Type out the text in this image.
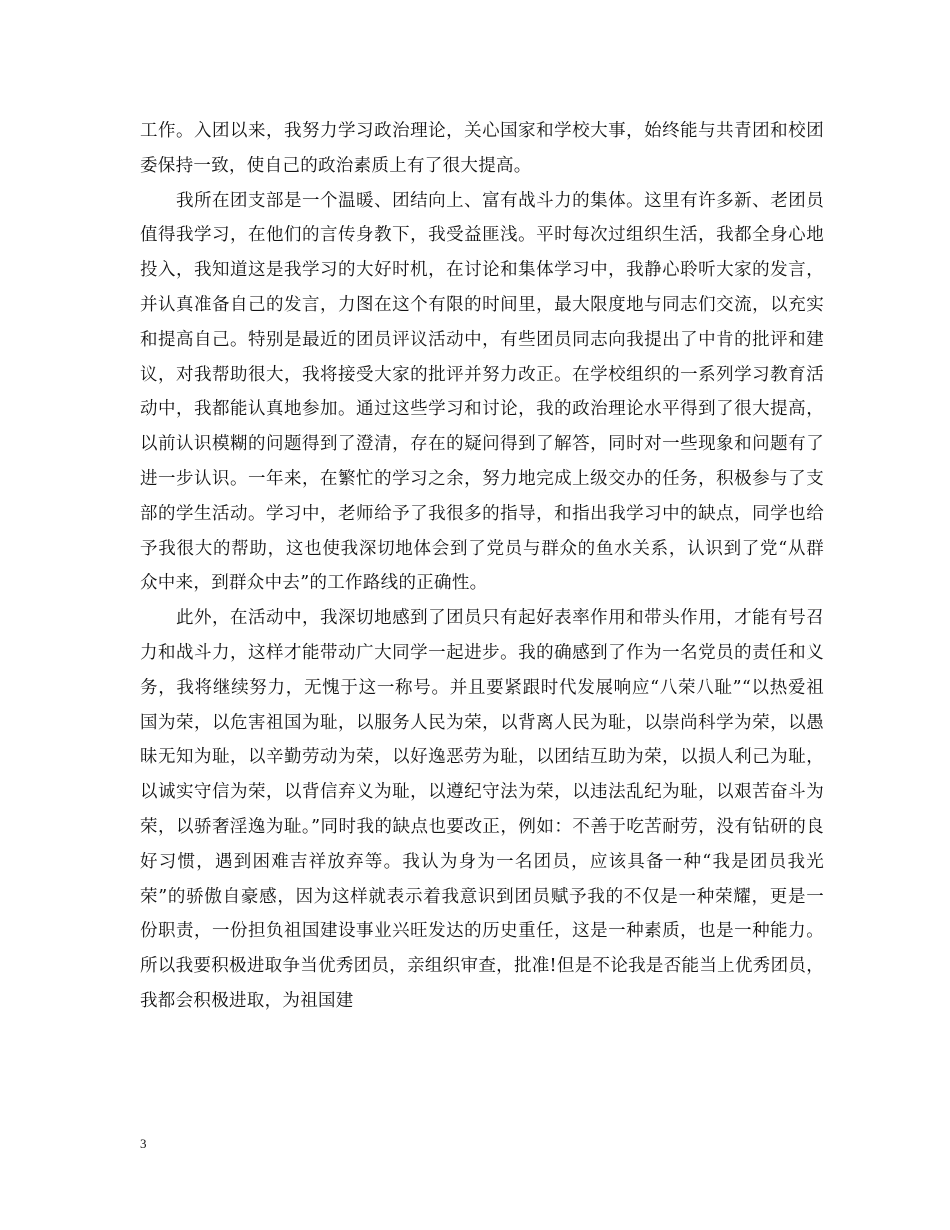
工作。入团以来，我努力学习政治理论，关心国家和学校大事，始终能与共青团和校团委保持一致，使自己的政治素质上有了很大提高。

我所在团支部是一个温暖、团结向上、富有战斗力的集体。这里有许多新、老团员值得我学习，在他们的言传身教下，我受益匪浅。平时每次过组织生活，我都全身心地投入，我知道这是我学习的大好时机，在讨论和集体学习中，我静心聆听大家的发言，并认真准备自己的发言，力图在这个有限的时间里，最大限度地与同志们交流，以充实和提高自己。特别是最近的团员评议活动中，有些团员同志向我提出了中肯的批评和建议，对我帮助很大，我将接受大家的批评并努力改正。在学校组织的一系列学习教育活动中，我都能认真地参加。通过这些学习和讨论，我的政治理论水平得到了很大提高，以前认识模糊的问题得到了澄清，存在的疑问得到了解答，同时对一些现象和问题有了进一步认识。一年来，在繁忙的学习之余，努力地完成上级交办的任务，积极参与了支部的学生活动。学习中，老师给予了我很多的指导，和指出我学习中的缺点，同学也给予我很大的帮助，这也使我深切地体会到了党员与群众的鱼水关系，认识到了党“从群众中来，到群众中去”的工作路线的正确性。

此外，在活动中，我深切地感到了团员只有起好表率作用和带头作用，才能有号召力和战斗力，这样才能带动广大同学一起进步。我的确感到了作为一名党员的责任和义务，我将继续努力，无愧于这一称号。并且要紧跟时代发展响应“八荣八耻”“以热爱祖国为荣，以危害祖国为耻，以服务人民为荣，以背离人民为耻，以崇尚科学为荣，以愚昧无知为耻，以辛勤劳动为荣，以好逸恶劳为耻，以团结互助为荣，以损人利己为耻，以诚实守信为荣，以背信弃义为耻，以遵纪守法为荣，以违法乱纪为耻，以艰苦奋斗为荣，以骄奢淫逸为耻。”同时我的缺点也要改正，例如：不善于吃苦耐劳，没有钻研的良好习惯，遇到困难吉祥放弃等。我认为身为一名团员，应该具备一种“我是团员我光荣”的骄傲自豪感，因为这样就表示着我意识到团员赋予我的不仅是一种荣耀，更是一份职责，一份担负祖国建设事业兴旺发达的历史重任，这是一种素质，也是一种能力。所以我要积极进取争当优秀团员，亲组织审查，批准!但是不论我是否能当上优秀团员，我都会积极进取，为祖国建

3
